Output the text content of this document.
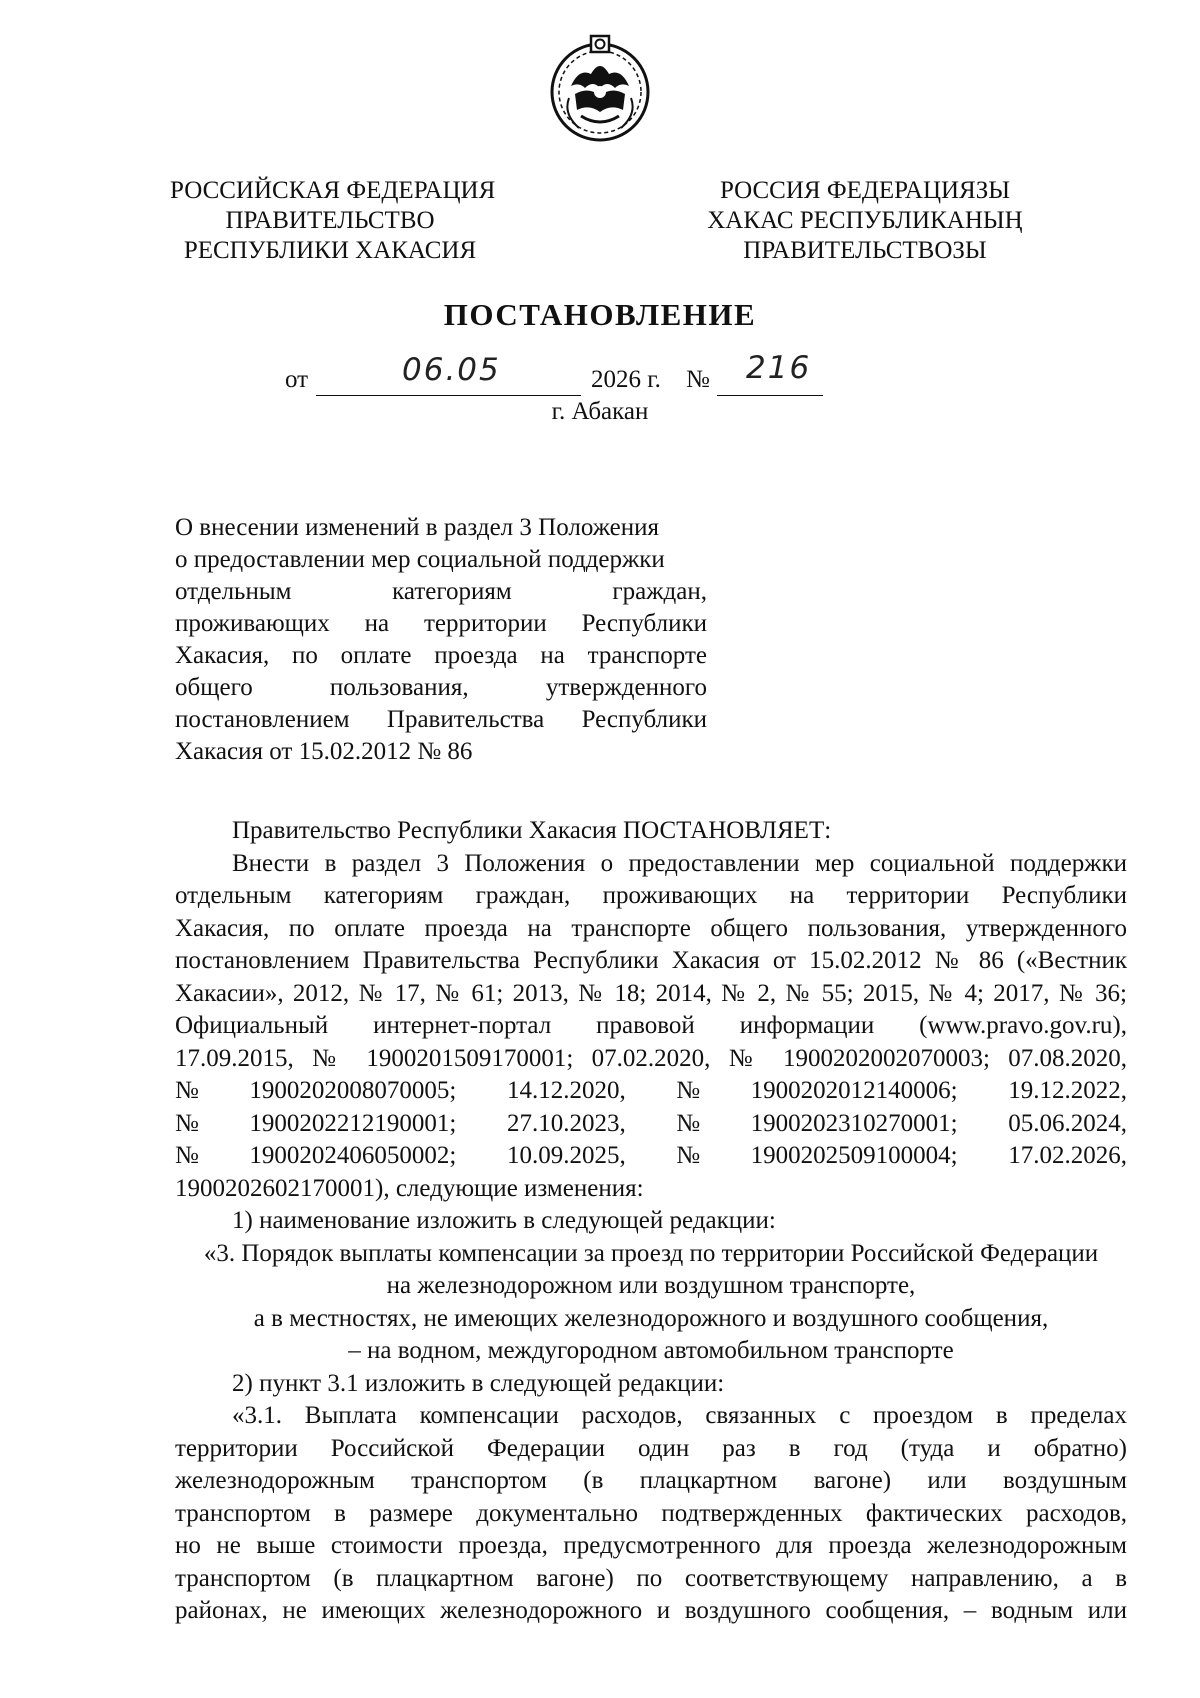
РОССИЙСКАЯ ФЕДЕРАЦИЯ
ПРАВИТЕЛЬСТВО
РЕСПУБЛИКИ ХАКАСИЯ
РОССИЯ ФЕДЕРАЦИЯЗЫ
ХАКАС РЕСПУБЛИКАНЫҢ
ПРАВИТЕЛЬСТВОЗЫ
ПОСТАНОВЛЕНИЕ
от	06.05	2026 г. № 216
г. Абакан
О внесении изменений в раздел 3 Положения
о предоставлении мер социальной поддержки
отдельным категориям граждан,
проживающих на территории Республики
Хакасия, по оплате проезда на транспорте
общего пользования, утвержденного
постановлением Правительства Республики
Хакасия от 15.02.2012 № 86
Правительство Республики Хакасия ПОСТАНОВЛЯЕТ:
Внести в раздел 3 Положения о предоставлении мер социальной поддержки
отдельным категориям граждан, проживающих на территории Республики
Хакасия, по оплате проезда на транспорте общего пользования, утвержденного
постановлением Правительства Республики Хакасия от 15.02.2012 № 86 («Вестник
Хакасии», 2012, № 17, № 61; 2013, № 18; 2014, № 2, № 55; 2015, № 4; 2017, № 36;
Официальный интернет-портал правовой информации (www.pravo.gov.ru),
17.09.2015, № 1900201509170001; 07.02.2020, № 1900202002070003; 07.08.2020,
№ 1900202008070005; 14.12.2020, № 1900202012140006; 19.12.2022,
№ 1900202212190001; 27.10.2023, № 1900202310270001; 05.06.2024,
№ 1900202406050002; 10.09.2025, № 1900202509100004; 17.02.2026,
1900202602170001), следующие изменения:
1) наименование изложить в следующей редакции:
«3. Порядок выплаты компенсации за проезд по территории Российской Федерации
на железнодорожном или воздушном транспорте,
а в местностях, не имеющих железнодорожного и воздушного сообщения,
– на водном, междугородном автомобильном транспорте
2) пункт 3.1 изложить в следующей редакции:
«3.1. Выплата компенсации расходов, связанных с проездом в пределах
территории Российской Федерации один раз в год (туда и обратно)
железнодорожным транспортом (в плацкартном вагоне) или воздушным
транспортом в размере документально подтвержденных фактических расходов,
но не выше стоимости проезда, предусмотренного для проезда железнодорожным
транспортом (в плацкартном вагоне) по соответствующему направлению, а в
районах, не имеющих железнодорожного и воздушного сообщения, – водным или
